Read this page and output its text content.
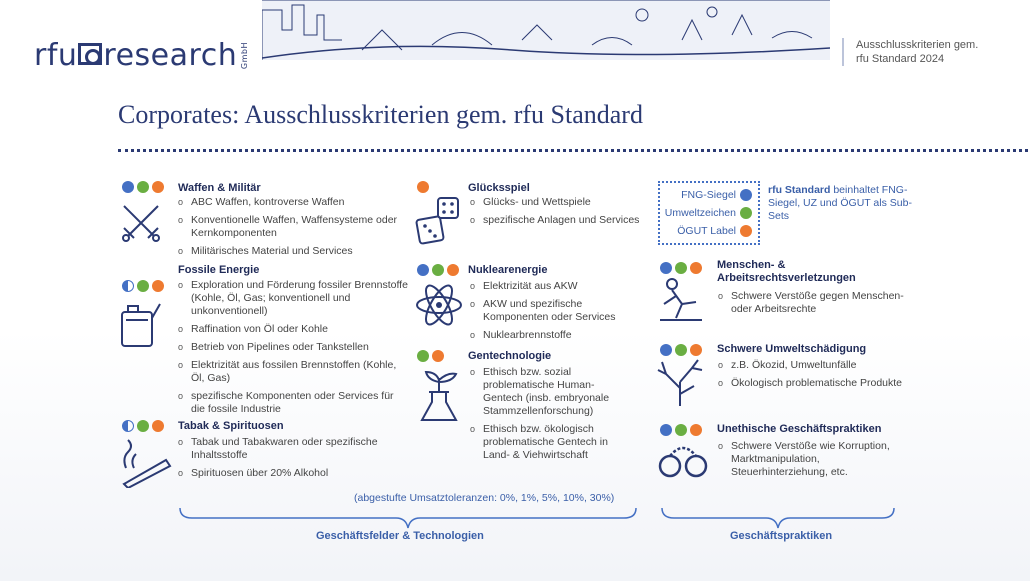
rfu research GmbH	Ausschlusskriterien gem.
rfu Standard 2024
Corporates: Ausschlusskriterien gem. rfu Standard
Waffen & Militär
o ABC Waffen, kontroverse Waffen
o Konventionelle Waffen, Waffensysteme oder Kernkomponenten
o Militärisches Material und Services
Fossile Energie
o Exploration und Förderung fossiler Brennstoffe (Kohle, Öl, Gas; konventionell und unkonventionell)
o Raffination von Öl oder Kohle
o Betrieb von Pipelines oder Tankstellen
o Elektrizität aus fossilen Brennstoffen (Kohle, Öl, Gas)
o spezifische Komponenten oder Services für die fossile Industrie
Tabak & Spirituosen
o Tabak und Tabakwaren oder spezifische Inhaltsstoffe
o Spirituosen über 20% Alkohol
Glücksspiel
o Glücks- und Wettspiele
o spezifische Anlagen und Services
Nuklearenergie
o Elektrizität aus AKW
o AKW und spezifische Komponenten oder Services
o Nuklearbrennstoffe
Gentechnologie
o Ethisch bzw. sozial problematische Human-Gentech (insb. embryonale Stammzellenforschung)
o Ethisch bzw. ökologisch problematische Gentech in Land- & Viehwirtschaft
FNG-Siegel
Umweltzeichen
ÖGUT Label
rfu Standard beinhaltet FNG-Siegel, UZ und ÖGUT als Sub-Sets
Menschen- & Arbeitsrechtsverletzungen
o Schwere Verstöße gegen Menschen- oder Arbeitsrechte
Schwere Umweltschädigung
o z.B. Ökozid, Umweltunfälle
o Ökologisch problematische Produkte
Unethische Geschäftspraktiken
o Schwere Verstöße wie Korruption, Marktmanipulation, Steuerhinterziehung, etc.
(abgestufte Umsatztoleranzen: 0%, 1%, 5%, 10%, 30%)
Geschäftsfelder & Technologien	Geschäftspraktiken
